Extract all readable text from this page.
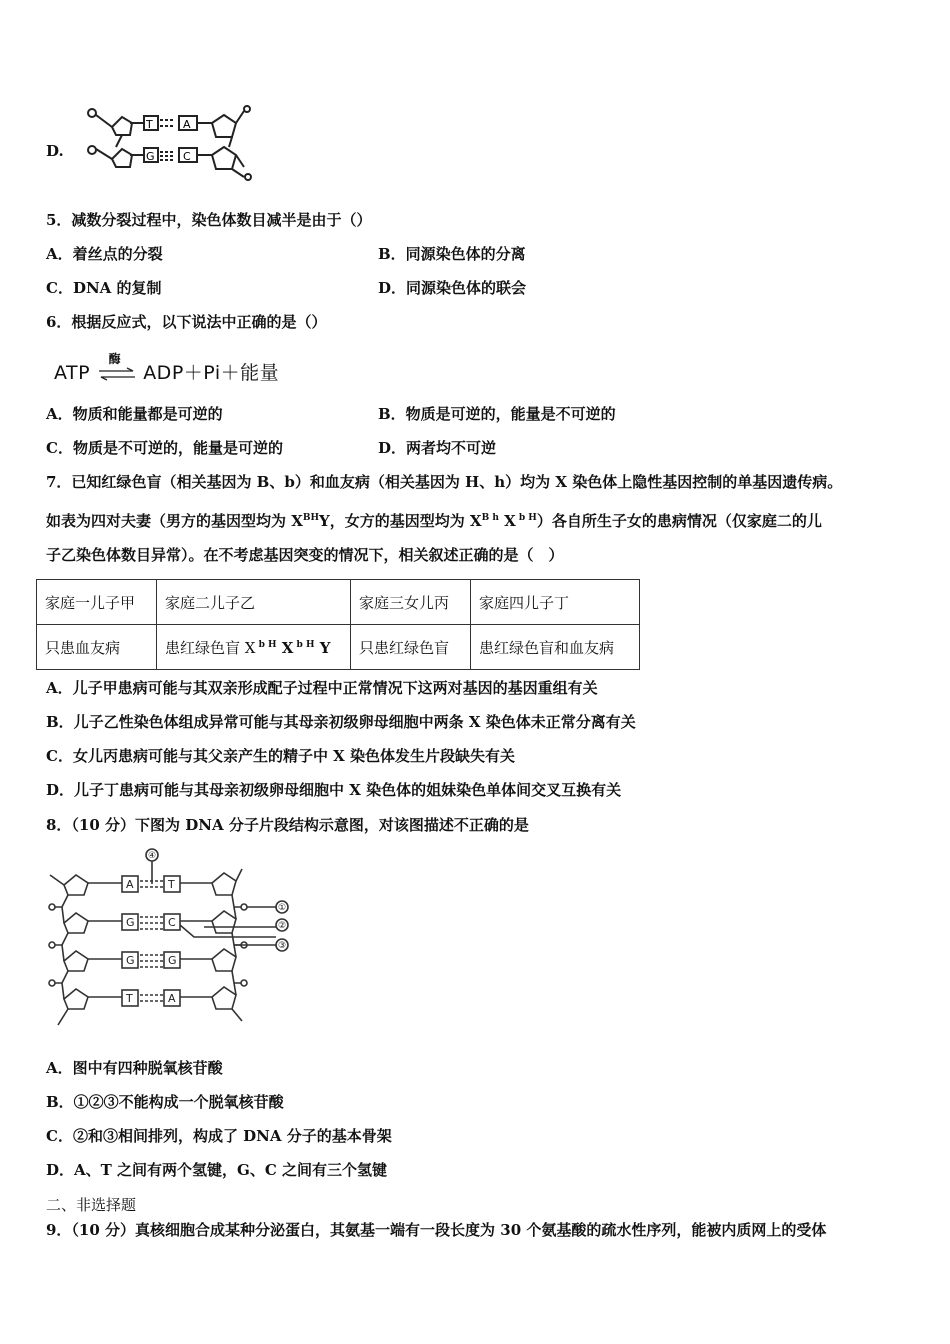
D.
T	A
G	C
5．减数分裂过程中，染色体数目减半是由于（）
A．着丝点的分裂	B．同源染色体的分离
C．DNA 的复制	D．同源染色体的联会
6．根据反应式，以下说法中正确的是（）
ATP
酶
ADP＋Pi＋能量
A．物质和能量都是可逆的	B．物质是可逆的，能量是不可逆的
C．物质是不可逆的，能量是可逆的	D．两者均不可逆
7．已知红绿色盲（相关基因为 B、b）和血友病（相关基因为 H、h）均为 X 染色体上隐性基因控制的单基因遗传病。
如表为四对夫妻（男方的基因型均为 $X^{BH}Y$，女方的基因型均为 $X^{B h}$ X $^{b H}$）各自所生子女的患病情况（仅家庭二的儿
子乙染色体数目异常）。在不考虑基因突变的情况下，相关叙述正确的是（　）
家庭一儿子甲	家庭二儿子乙	家庭三女儿丙	家庭四儿子丁
只患血友病	患红绿色盲 X $^{b H}$ X $^{b H}$ Y	只患红绿色盲	患红绿色盲和血友病
A．儿子甲患病可能与其双亲形成配子过程中正常情况下这两对基因的基因重组有关
B．儿子乙性染色体组成异常可能与其母亲初级卵母细胞中两条 X 染色体未正常分离有关
C．女儿丙患病可能与其父亲产生的精子中 X 染色体发生片段缺失有关
D．儿子丁患病可能与其母亲初级卵母细胞中 X 染色体的姐妹染色单体间交叉互换有关
8．（10 分）下图为 DNA 分子片段结构示意图，对该图描述不正确的是
A
G
G
T
T
C
G
A
④
①
②
③
A．图中有四种脱氧核苷酸
B．①②③不能构成一个脱氧核苷酸
C．②和③相间排列，构成了 DNA 分子的基本骨架
D．A、T 之间有两个氢键，G、C 之间有三个氢键
二、非选择题
9．（10 分）真核细胞合成某种分泌蛋白，其氨基一端有一段长度为 30 个氨基酸的疏水性序列，能被内质网上的受体
